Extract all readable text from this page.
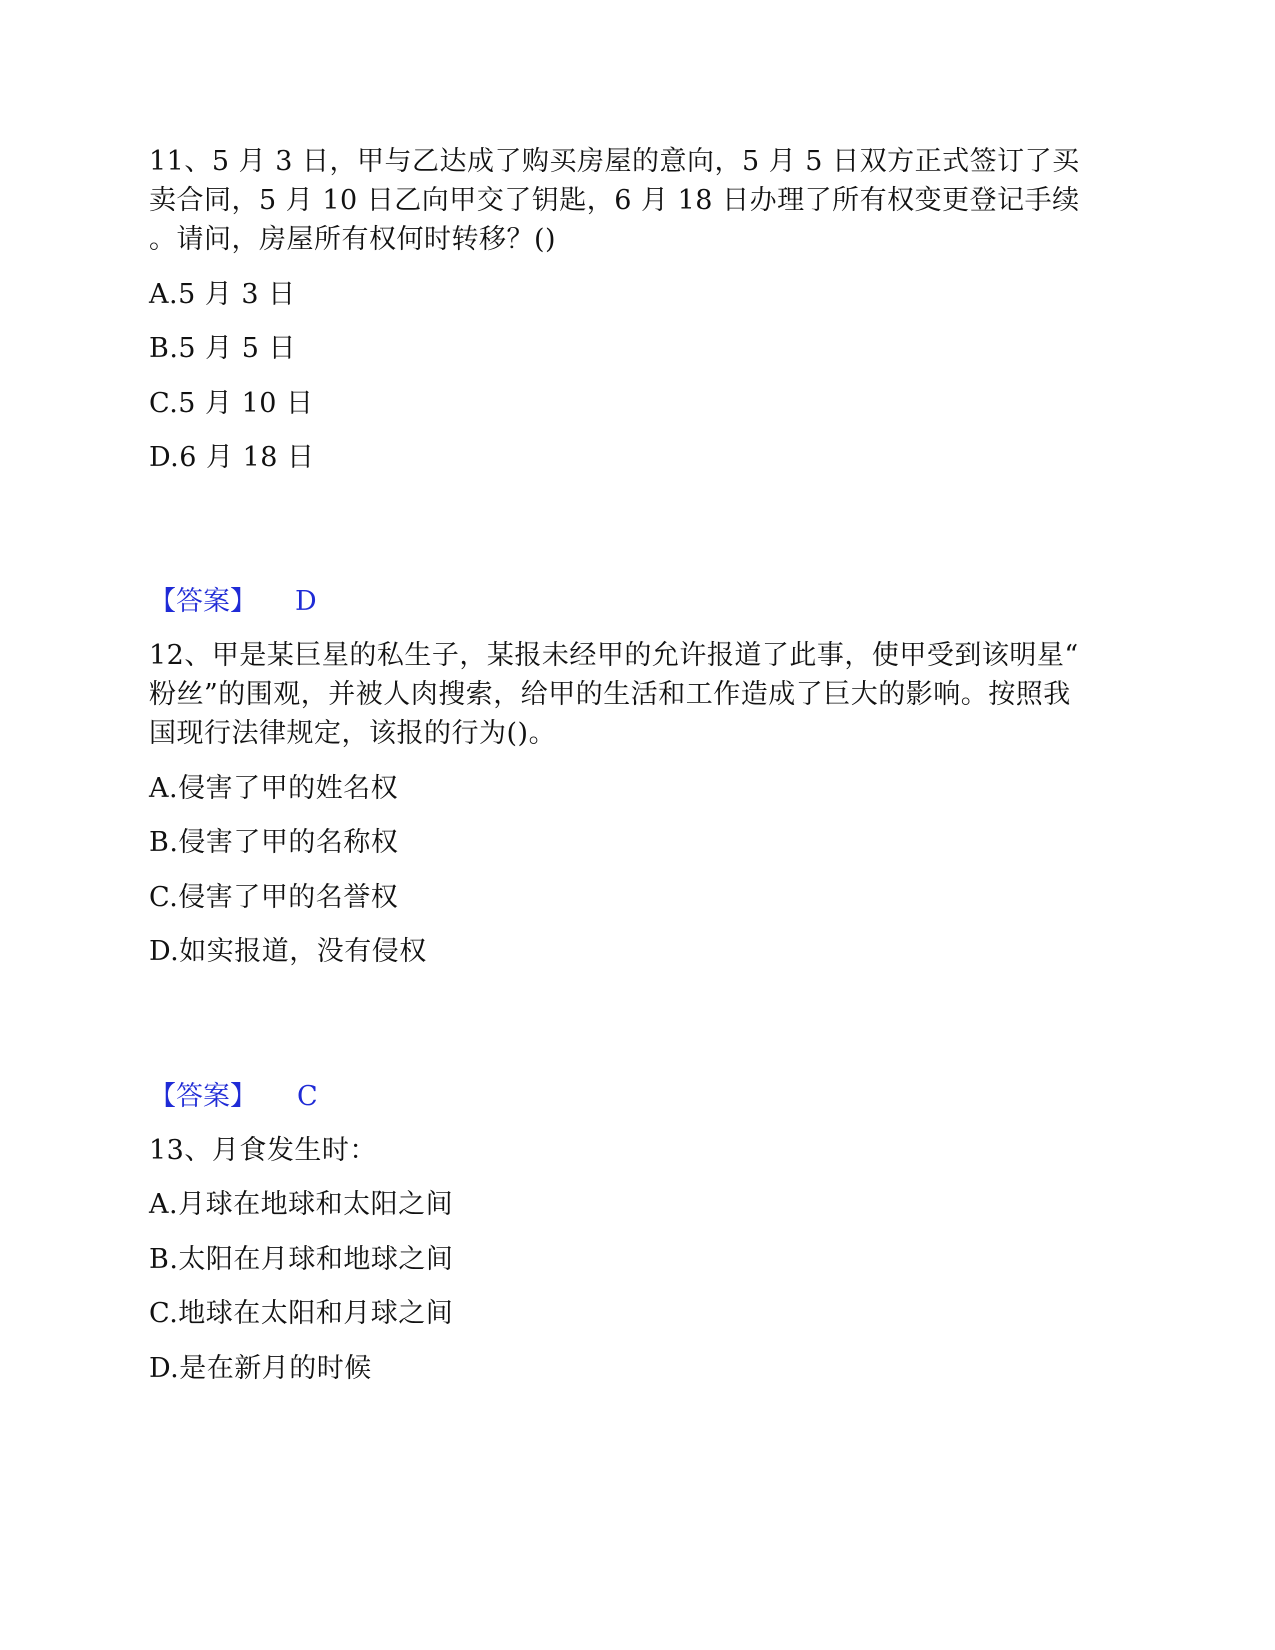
11、5 月 3 日，甲与乙达成了购买房屋的意向，5 月 5 日双方正式签订了买
卖合同，5 月 10 日乙向甲交了钥匙，6 月 18 日办理了所有权变更登记手续
。请问，房屋所有权何时转移？()
A.5 月 3 日
B.5 月 5 日
C.5 月 10 日
D.6 月 18 日
【答案】 D
12、甲是某巨星的私生子，某报未经甲的允许报道了此事，使甲受到该明星“
粉丝”的围观，并被人肉搜索，给甲的生活和工作造成了巨大的影响。按照我
国现行法律规定，该报的行为()。
A.侵害了甲的姓名权
B.侵害了甲的名称权
C.侵害了甲的名誉权
D.如实报道，没有侵权
【答案】 C
13、月食发生时：
A.月球在地球和太阳之间
B.太阳在月球和地球之间
C.地球在太阳和月球之间
D.是在新月的时候
